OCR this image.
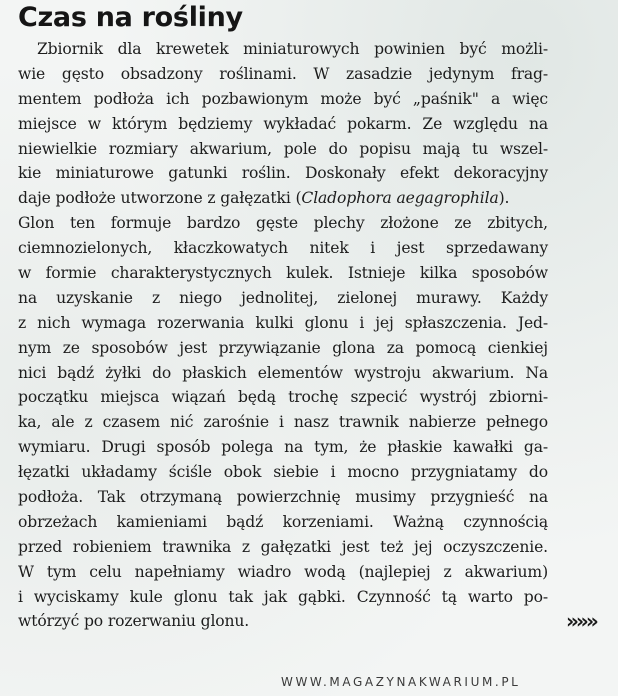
Czas na rośliny
Zbiornik dla krewetek miniaturowych powinien być możli-
wie gęsto obsadzony roślinami. W zasadzie jedynym frag-
mentem podłoża ich pozbawionym może być „paśnik" a więc
miejsce w którym będziemy wykładać pokarm. Ze względu na
niewielkie rozmiary akwarium, pole do popisu mają tu wszel-
kie miniaturowe gatunki roślin. Doskonały efekt dekoracyjny
daje podłoże utworzone z gałęzatki (Cladophora aegagrophila).
Glon ten formuje bardzo gęste plechy złożone ze zbitych,
ciemnozielonych, kłaczkowatych nitek i jest sprzedawany
w formie charakterystycznych kulek. Istnieje kilka sposobów
na uzyskanie z niego jednolitej, zielonej murawy. Każdy
z nich wymaga rozerwania kulki glonu i jej spłaszczenia. Jed-
nym ze sposobów jest przywiązanie glona za pomocą cienkiej
nici bądź żyłki do płaskich elementów wystroju akwarium. Na
początku miejsca wiązań będą trochę szpecić wystrój zbiorni-
ka, ale z czasem nić zarośnie i nasz trawnik nabierze pełnego
wymiaru. Drugi sposób polega na tym, że płaskie kawałki ga-
łęzatki układamy ściśle obok siebie i mocno przygniatamy do
podłoża. Tak otrzymaną powierzchnię musimy przygnieść na
obrzeżach kamieniami bądź korzeniami. Ważną czynnością
przed robieniem trawnika z gałęzatki jest też jej oczyszczenie.
W tym celu napełniamy wiadro wodą (najlepiej z akwarium)
i wyciskamy kule glonu tak jak gąbki. Czynność tą warto po-
wtórzyć po rozerwaniu glonu.	»»»
WWW.MAGAZYNAKWARIUM.PL
